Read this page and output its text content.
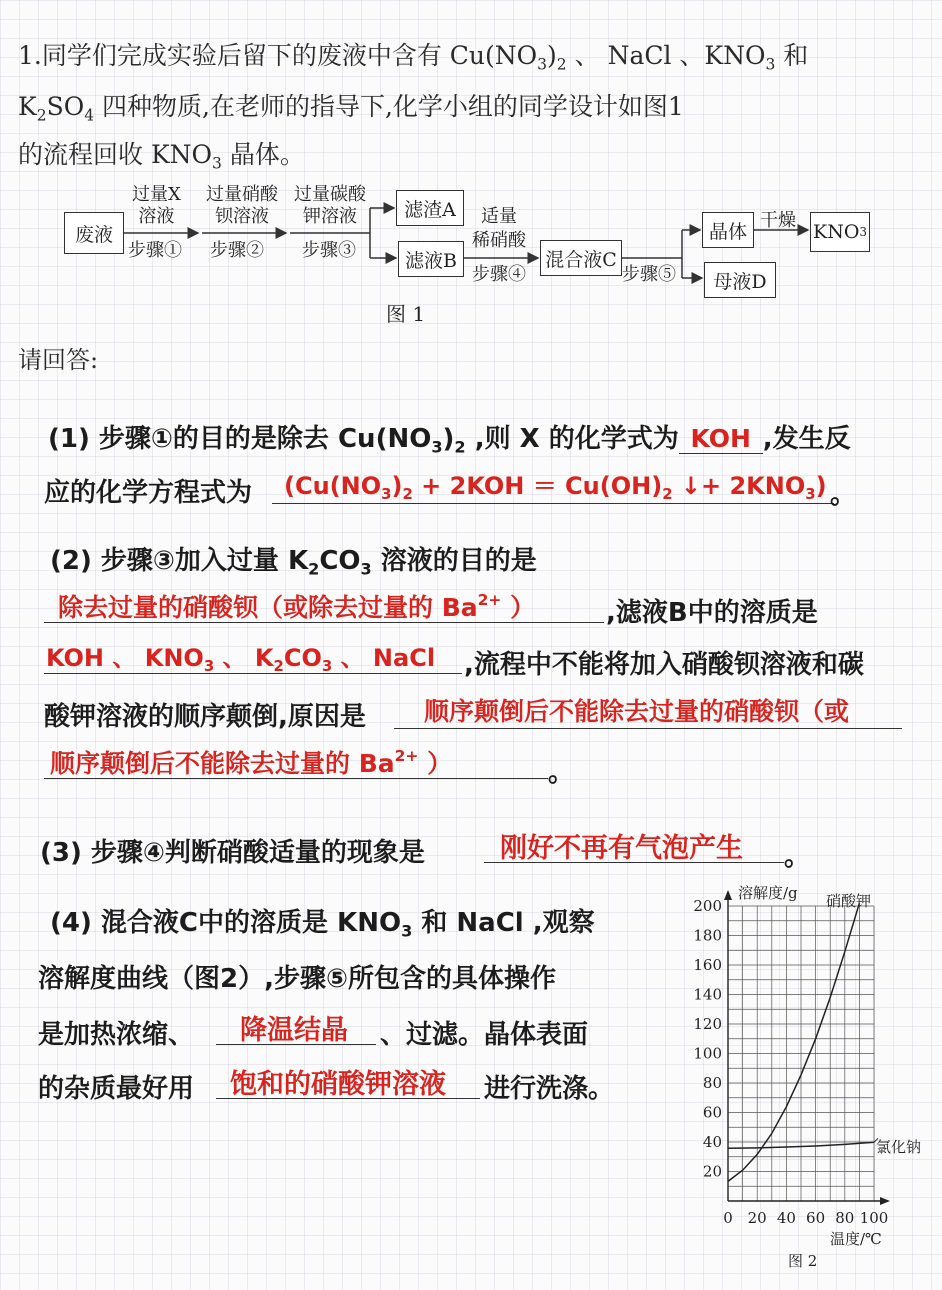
1.同学们完成实验后留下的废液中含有 $Cu(NO_3)_2$ 、 NaCl 、$KNO_3$ 和
$K_2SO_4$ 四种物质,在老师的指导下,化学小组的同学设计如图1
的流程回收 $KNO_3$ 晶体。
废液
过量X
溶液
步骤①
过量硝酸
钡溶液
步骤②
过量碳酸
钾溶液
步骤③
滤渣A
滤液B
适量
稀硝酸
步骤④
混合液C
步骤⑤
晶体 干燥
KNO 3
母液D
图 1
请回答:
(1) 步骤①的目的是除去 $Cu(NO_3)_2$ ,则 X 的化学式为 KOH ,发生反
应的化学方程式为 ($Cu(NO_3)_2 + 2KOH = Cu(OH)_2$ ↓+ $2KNO_3$) 。
(2) 步骤③加入过量 $K_2CO_3$ 溶液的目的是
除去过量的硝酸钡（或除去过量的 $Ba^{2+}$ ）	,滤液B中的溶质是
KOH 、 $KNO_3$ 、 $K_2CO_3$ 、 NaCl ,流程中不能将加入硝酸钡溶液和碳
酸钾溶液的顺序颠倒,原因是 顺序颠倒后不能除去过量的硝酸钡（或
顺序颠倒后不能除去过量的 $Ba^{2+}$ ）	。
(3) 步骤④判断硝酸适量的现象是	刚好不再有气泡产生 。
(4) 混合液C中的溶质是 $KNO_3$ 和 NaCl ,观察
溶解度曲线（图2）,步骤⑤所包含的具体操作
是加热浓缩、 降温结晶 、过滤。晶体表面
的杂质最好用 饱和的硝酸钾溶液 进行洗涤。
0 20 40 60 80 100
20
40
60
80
100
120
140
160
180
200
溶解度/g
温度/℃
图 2
硝酸钾
氯化钠
